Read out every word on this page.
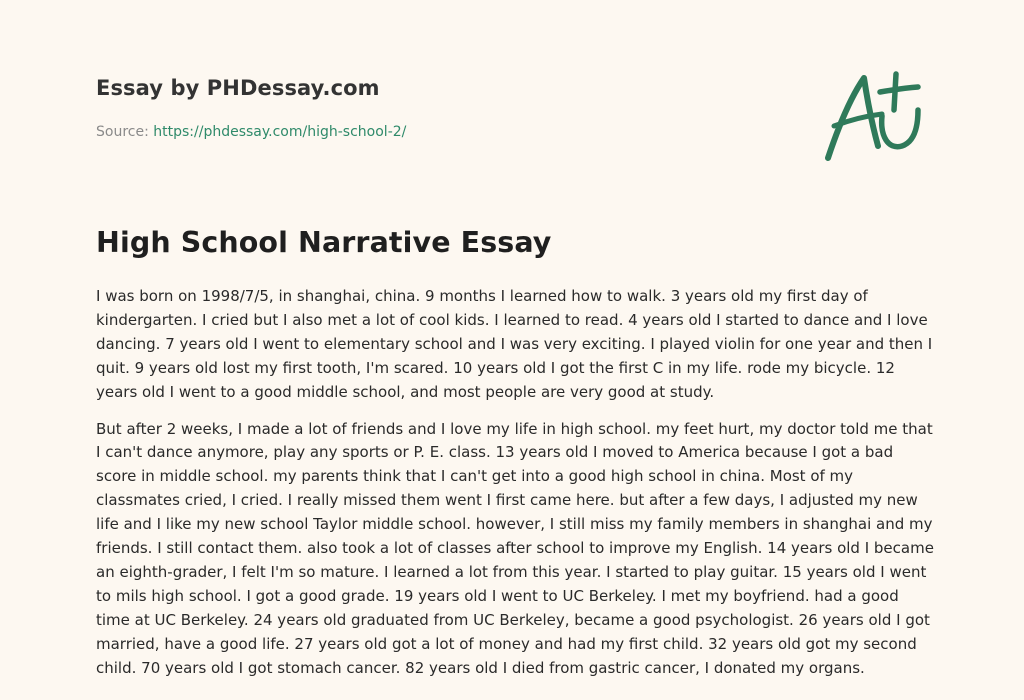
Essay by PHDessay.com
Source: https://phdessay.com/high-school-2/
High School Narrative Essay

I was born on 1998/7/5, in shanghai, china. 9 months I learned how to walk. 3 years old my first day of kindergarten. I cried but I also met a lot of cool kids. I learned to read. 4 years old I started to dance and I love dancing. 7 years old I went to elementary school and I was very exciting. I played violin for one year and then I quit. 9 years old lost my first tooth, I'm scared. 10 years old I got the first C in my life. rode my bicycle. 12 years old I went to a good middle school, and most people are very good at study.

But after 2 weeks, I made a lot of friends and I love my life in high school. my feet hurt, my doctor told me that I can't dance anymore, play any sports or P. E. class. 13 years old I moved to America because I got a bad score in middle school. my parents think that I can't get into a good high school in china. Most of my classmates cried, I cried. I really missed them went I first came here. but after a few days, I adjusted my new life and I like my new school Taylor middle school. however, I still miss my family members in shanghai and my friends. I still contact them. also took a lot of classes after school to improve my English. 14 years old I became an eighth-grader, I felt I'm so mature. I learned a lot from this year. I started to play guitar. 15 years old I went to mils high school. I got a good grade. 19 years old I went to UC Berkeley. I met my boyfriend. had a good time at UC Berkeley. 24 years old graduated from UC Berkeley, became a good psychologist. 26 years old I got married, have a good life. 27 years old got a lot of money and had my first child. 32 years old got my second child. 70 years old I got stomach cancer. 82 years old I died from gastric cancer, I donated my organs.
